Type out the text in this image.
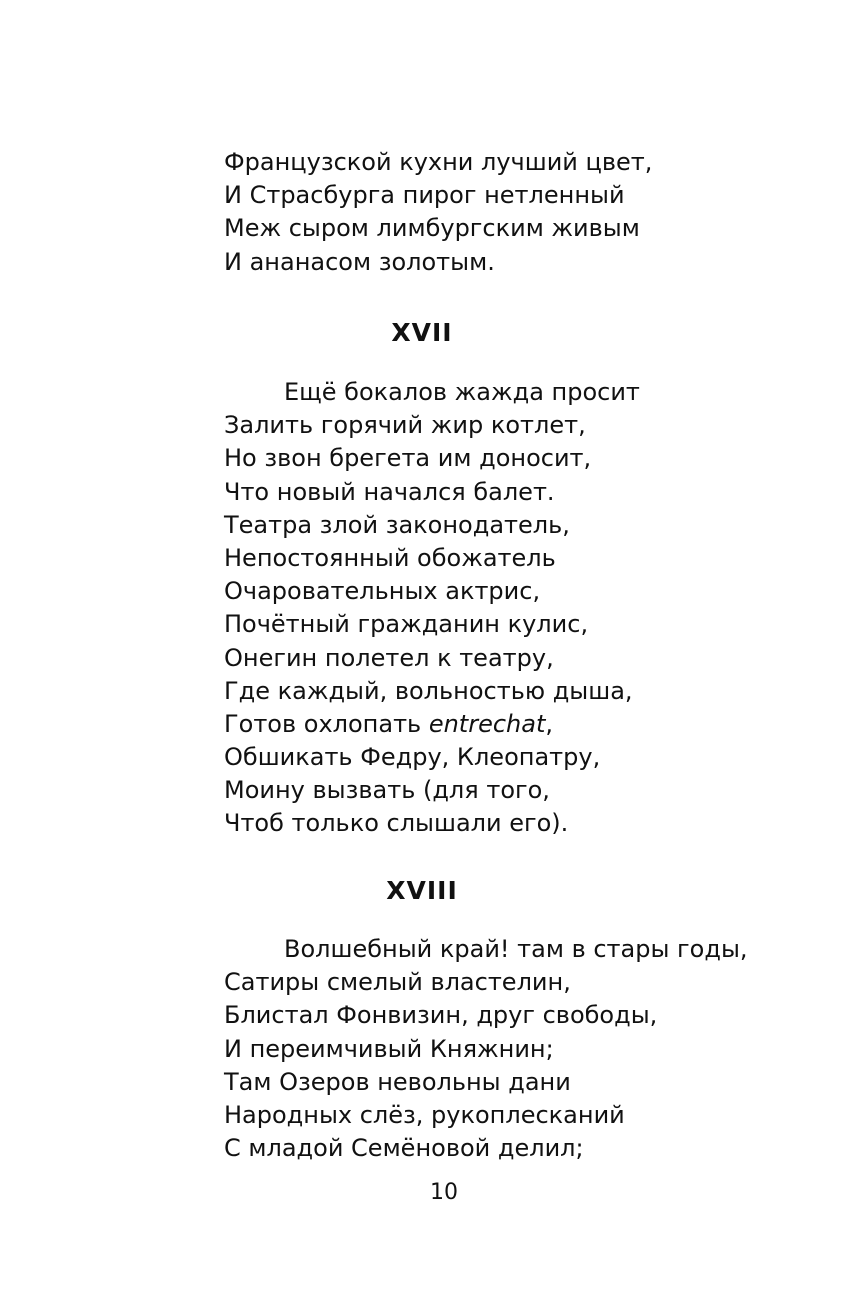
Французской кухни лучший цвет,
И Страсбурга пирог нетленный
Меж сыром лимбургским живым
И ананасом золотым.
XVII
Ещё бокалов жажда просит
Залить горячий жир котлет,
Но звон брегета им доносит,
Что новый начался балет.
Театра злой законодатель,
Непостоянный обожатель
Очаровательных актрис,
Почётный гражданин кулис,
Онегин полетел к театру,
Где каждый, вольностью дыша,
Готов охлопать entrechat,
Обшикать Федру, Клеопатру,
Моину вызвать (для того,
Чтоб только слышали его).
XVIII
Волшебный край! там в стары годы,
Сатиры смелый властелин,
Блистал Фонвизин, друг свободы,
И переимчивый Княжнин;
Там Озеров невольны дани
Народных слёз, рукоплесканий
С младой Семёновой делил;
10
